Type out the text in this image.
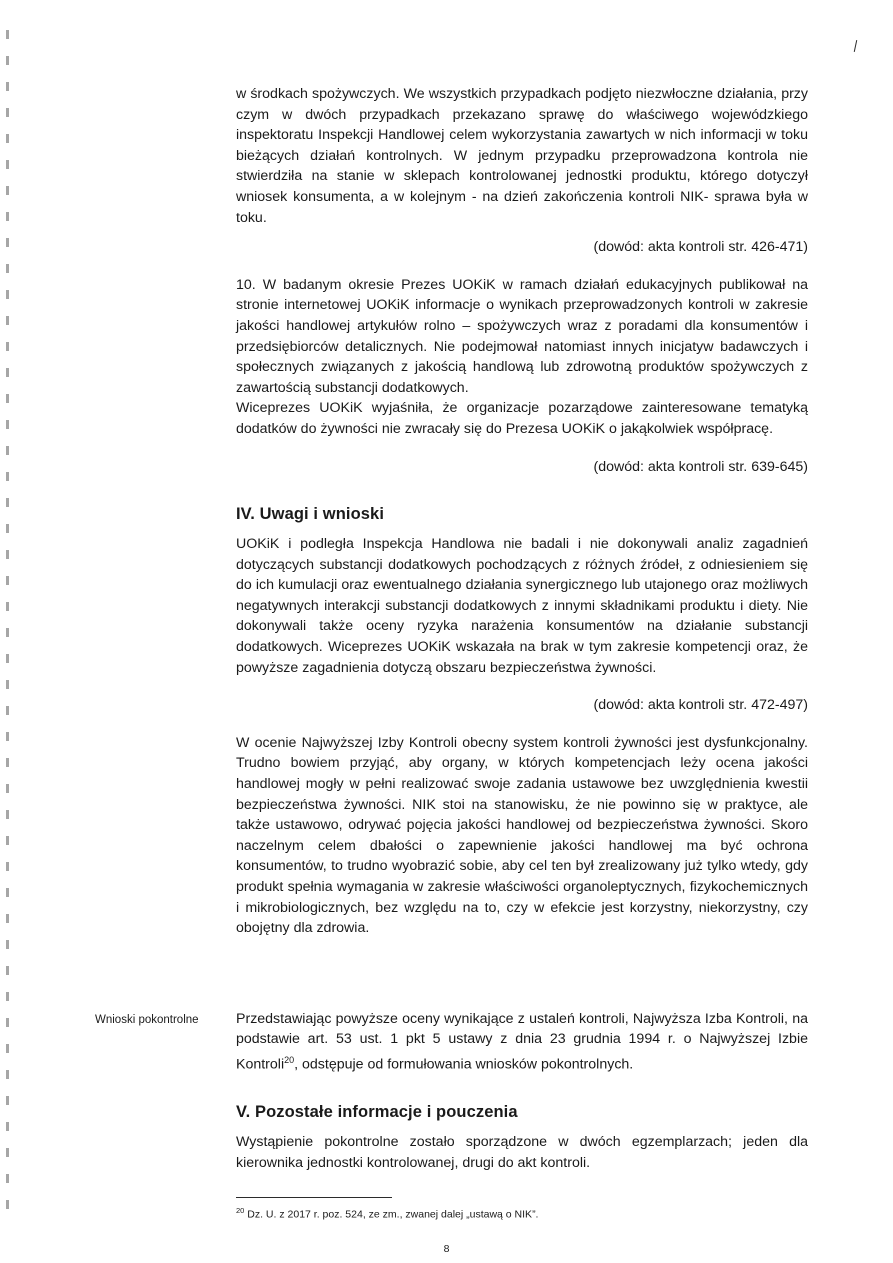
w środkach spożywczych. We wszystkich przypadkach podjęto niezwłoczne działania, przy czym w dwóch przypadkach przekazano sprawę do właściwego wojewódzkiego inspektoratu Inspekcji Handlowej celem wykorzystania zawartych w nich informacji w toku bieżących działań kontrolnych. W jednym przypadku przeprowadzona kontrola nie stwierdziła na stanie w sklepach kontrolowanej jednostki produktu, którego dotyczył wniosek konsumenta, a w kolejnym - na dzień zakończenia kontroli NIK- sprawa była w toku.

(dowód: akta kontroli str. 426-471)

10. W badanym okresie Prezes UOKiK w ramach działań edukacyjnych publikował na stronie internetowej UOKiK informacje o wynikach przeprowadzonych kontroli w zakresie jakości handlowej artykułów rolno – spożywczych wraz z poradami dla konsumentów i przedsiębiorców detalicznych. Nie podejmował natomiast innych inicjatyw badawczych i społecznych związanych z jakością handlową lub zdrowotną produktów spożywczych z zawartością substancji dodatkowych.

Wiceprezes UOKiK wyjaśniła, że organizacje pozarządowe zainteresowane tematyką dodatków do żywności nie zwracały się do Prezesa UOKiK o jakąkolwiek współpracę.

(dowód: akta kontroli str. 639-645)

IV. Uwagi i wnioski

UOKiK i podległa Inspekcja Handlowa nie badali i nie dokonywali analiz zagadnień dotyczących substancji dodatkowych pochodzących z różnych źródeł, z odniesieniem się do ich kumulacji oraz ewentualnego działania synergicznego lub utajonego oraz możliwych negatywnych interakcji substancji dodatkowych z innymi składnikami produktu i diety. Nie dokonywali także oceny ryzyka narażenia konsumentów na działanie substancji dodatkowych. Wiceprezes UOKiK wskazała na brak w tym zakresie kompetencji oraz, że powyższe zagadnienia dotyczą obszaru bezpieczeństwa żywności.

(dowód: akta kontroli str. 472-497)

W ocenie Najwyższej Izby Kontroli obecny system kontroli żywności jest dysfunkcjonalny. Trudno bowiem przyjąć, aby organy, w których kompetencjach leży ocena jakości handlowej mogły w pełni realizować swoje zadania ustawowe bez uwzględnienia kwestii bezpieczeństwa żywności. NIK stoi na stanowisku, że nie powinno się w praktyce, ale także ustawowo, odrywać pojęcia jakości handlowej od bezpieczeństwa żywności. Skoro naczelnym celem dbałości o zapewnienie jakości handlowej ma być ochrona konsumentów, to trudno wyobrazić sobie, aby cel ten był zrealizowany już tylko wtedy, gdy produkt spełnia wymagania w zakresie właściwości organoleptycznych, fizykochemicznych i mikrobiologicznych, bez względu na to, czy w efekcie jest korzystny, niekorzystny, czy obojętny dla zdrowia.

Przedstawiając powyższe oceny wynikające z ustaleń kontroli, Najwyższa Izba Kontroli, na podstawie art. 53 ust. 1 pkt 5 ustawy z dnia 23 grudnia 1994 r. o Najwyższej Izbie Kontroli$^{20}$, odstępuje od formułowania wniosków pokontrolnych.

V. Pozostałe informacje i pouczenia

Wystąpienie pokontrolne zostało sporządzone w dwóch egzemplarzach; jeden dla kierownika jednostki kontrolowanej, drugi do akt kontroli.

Wnioski pokontrolne
$^{20}$ Dz. U. z 2017 r. poz. 524, ze zm., zwanej dalej „ustawą o NIK”.
8
